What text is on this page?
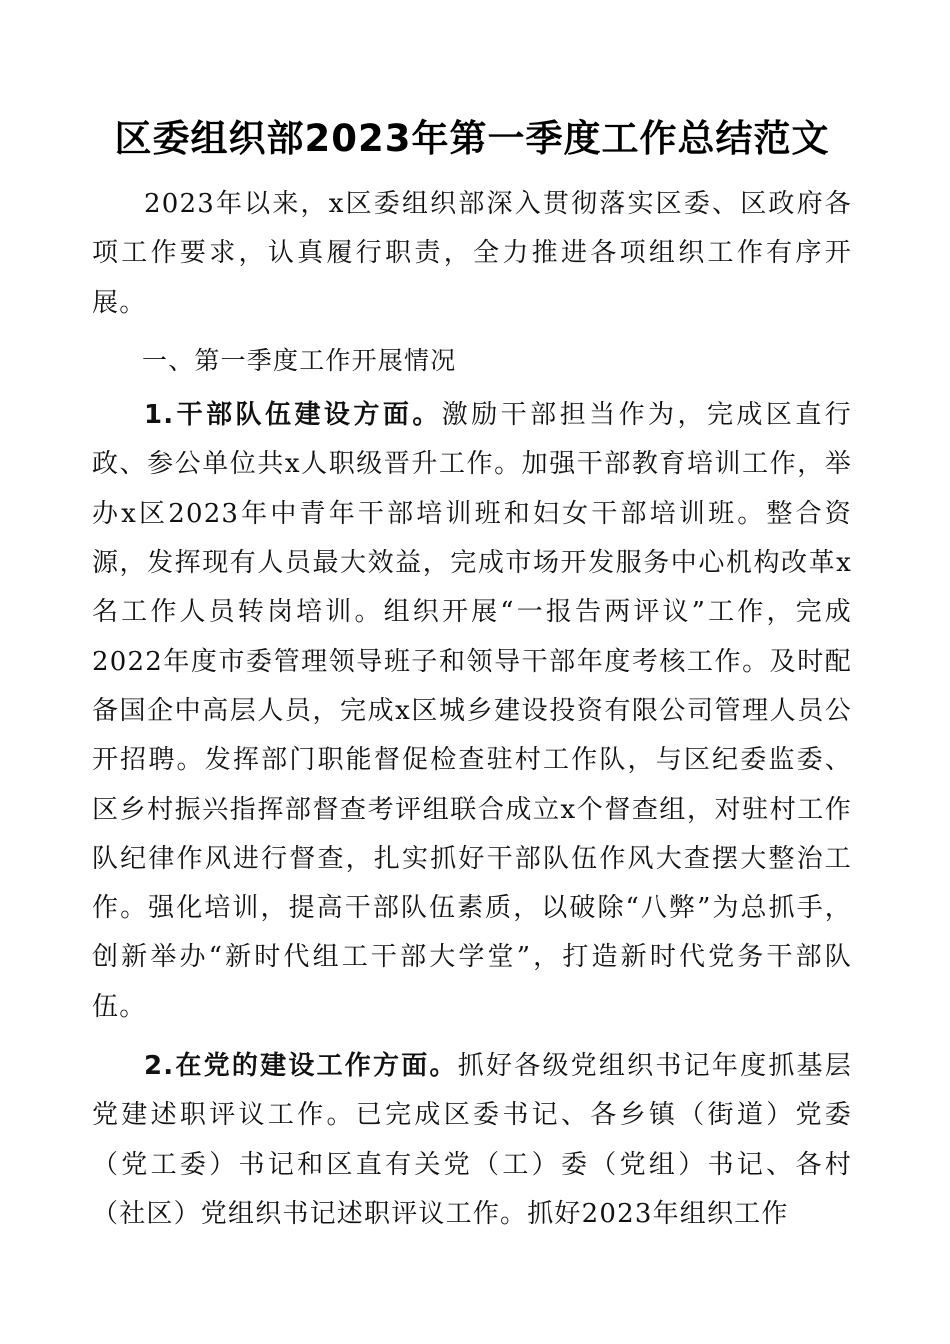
区委组织部2023年第一季度工作总结范文

2023年以来，x区委组织部深入贯彻落实区委、区政府各项工作要求，认真履行职责，全力推进各项组织工作有序开展。

一、第一季度工作开展情况

1.干部队伍建设方面。激励干部担当作为，完成区直行政、参公单位共x人职级晋升工作。加强干部教育培训工作，举办x区2023年中青年干部培训班和妇女干部培训班。整合资源，发挥现有人员最大效益，完成市场开发服务中心机构改革x名工作人员转岗培训。组织开展“一报告两评议”工作，完成2022年度市委管理领导班子和领导干部年度考核工作。及时配备国企中高层人员，完成x区城乡建设投资有限公司管理人员公开招聘。发挥部门职能督促检查驻村工作队，与区纪委监委、区乡村振兴指挥部督查考评组联合成立x个督查组，对驻村工作队纪律作风进行督查，扎实抓好干部队伍作风大查摆大整治工作。强化培训，提高干部队伍素质，以破除“八弊”为总抓手，创新举办“新时代组工干部大学堂”，打造新时代党务干部队伍。

2.在党的建设工作方面。抓好各级党组织书记年度抓基层党建述职评议工作。已完成区委书记、各乡镇（街道）党委（党工委）书记和区直有关党（工）委（党组）书记、各村（社区）党组织书记述职评议工作。抓好2023年组织工作
